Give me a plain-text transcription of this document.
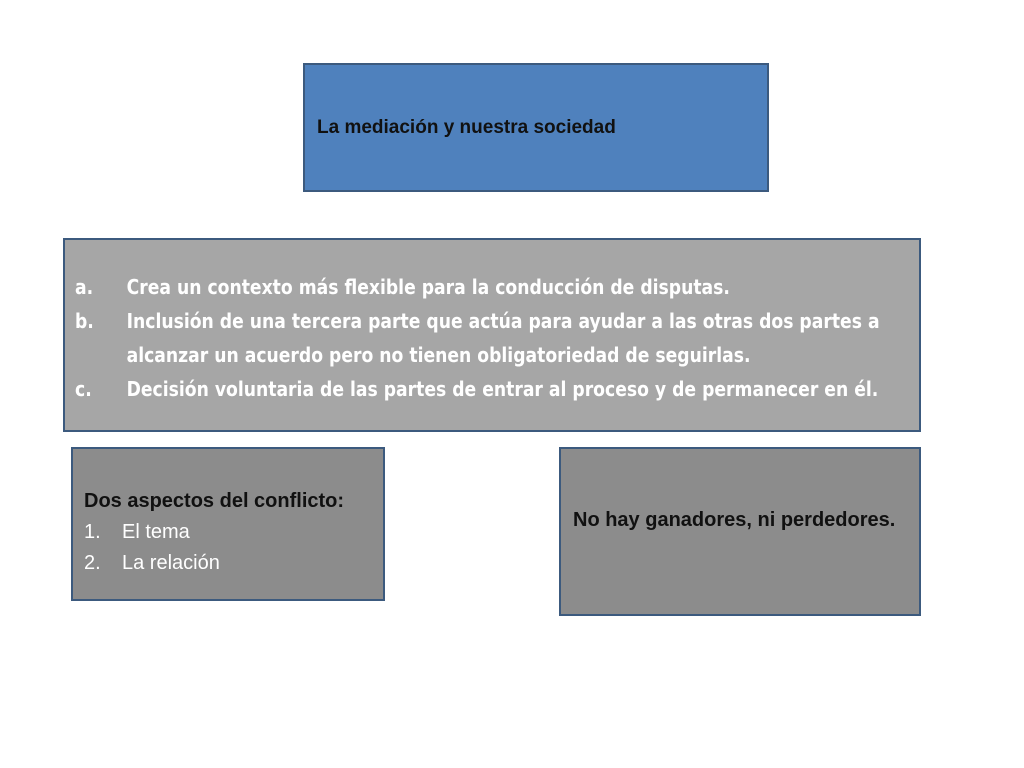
La mediación y nuestra sociedad
a.	Crea un contexto más flexible para la conducción de disputas.
b.	Inclusión de una tercera parte que actúa para ayudar a las otras dos partes a alcanzar un acuerdo pero no tienen obligatoriedad de seguirlas.
c.	Decisión voluntaria de las partes de entrar al proceso y de permanecer en él.

Dos aspectos del conflicto:

1.	El tema
2.	La relación
No hay ganadores, ni perdedores.
